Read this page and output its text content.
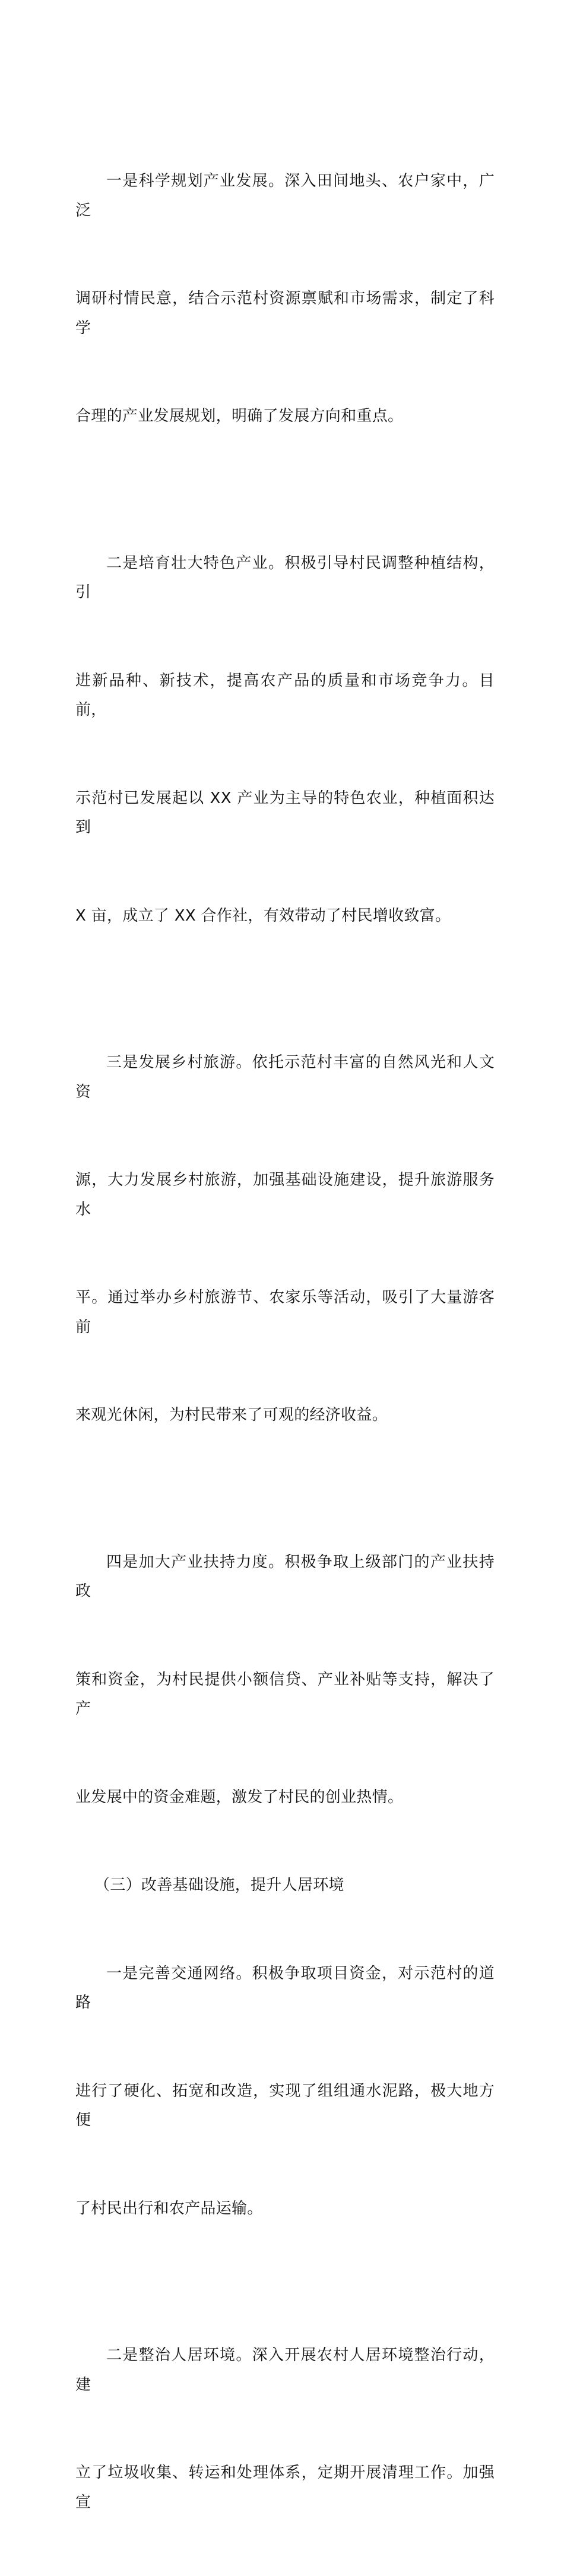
一是科学规划产业发展。深入田间地头、农户家中，广泛

调研村情民意，结合示范村资源禀赋和市场需求，制定了科学

合理的产业发展规划，明确了发展方向和重点。

二是培育壮大特色产业。积极引导村民调整种植结构，引

进新品种、新技术，提高农产品的质量和市场竞争力。目前，

示范村已发展起以 XX 产业为主导的特色农业，种植面积达到

X 亩，成立了 XX 合作社，有效带动了村民增收致富。

三是发展乡村旅游。依托示范村丰富的自然风光和人文资

源，大力发展乡村旅游，加强基础设施建设，提升旅游服务水

平。通过举办乡村旅游节、农家乐等活动，吸引了大量游客前

来观光休闲，为村民带来了可观的经济收益。

四是加大产业扶持力度。积极争取上级部门的产业扶持政

策和资金，为村民提供小额信贷、产业补贴等支持，解决了产

业发展中的资金难题，激发了村民的创业热情。

（三）改善基础设施，提升人居环境

一是完善交通网络。积极争取项目资金，对示范村的道路

进行了硬化、拓宽和改造，实现了组组通水泥路，极大地方便

了村民出行和农产品运输。

二是整治人居环境。深入开展农村人居环境整治行动，建

立了垃圾收集、转运和处理体系，定期开展清理工作。加强宣
